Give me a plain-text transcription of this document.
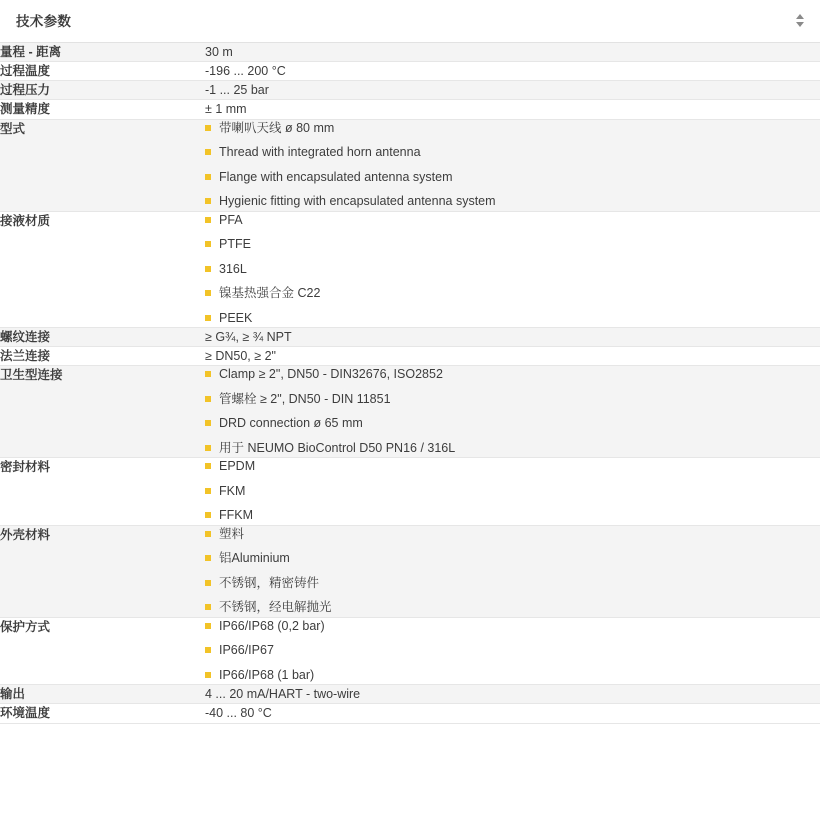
技术参数
量程 - 距离	30 m
过程温度	-196 ... 200 °C
过程压力	-1 ... 25 bar
测量精度	± 1 mm
型式	带喇叭天线 ø 80 mm
Thread with integrated horn antenna
Flange with encapsulated antenna system
Hygienic fitting with encapsulated antenna system

接液材质	PFA
PTFE
316L
镍基热强合金 C22
PEEK

螺纹连接	≥ G¾, ≥ ¾ NPT
法兰连接	≥ DN50, ≥ 2"
卫生型连接	Clamp ≥ 2", DN50 - DIN32676, ISO2852
管螺栓 ≥ 2", DN50 - DIN 11851
DRD connection ø 65 mm
用于 NEUMO BioControl D50 PN16 / 316L

密封材料	EPDM
FKM
FFKM

外壳材料	塑料
铝Aluminium
不锈钢，精密铸件
不锈钢，经电解抛光

保护方式	IP66/IP68 (0,2 bar)
IP66/IP67
IP66/IP68 (1 bar)

输出	4 ... 20 mA/HART - two-wire
环境温度	-40 ... 80 °C
